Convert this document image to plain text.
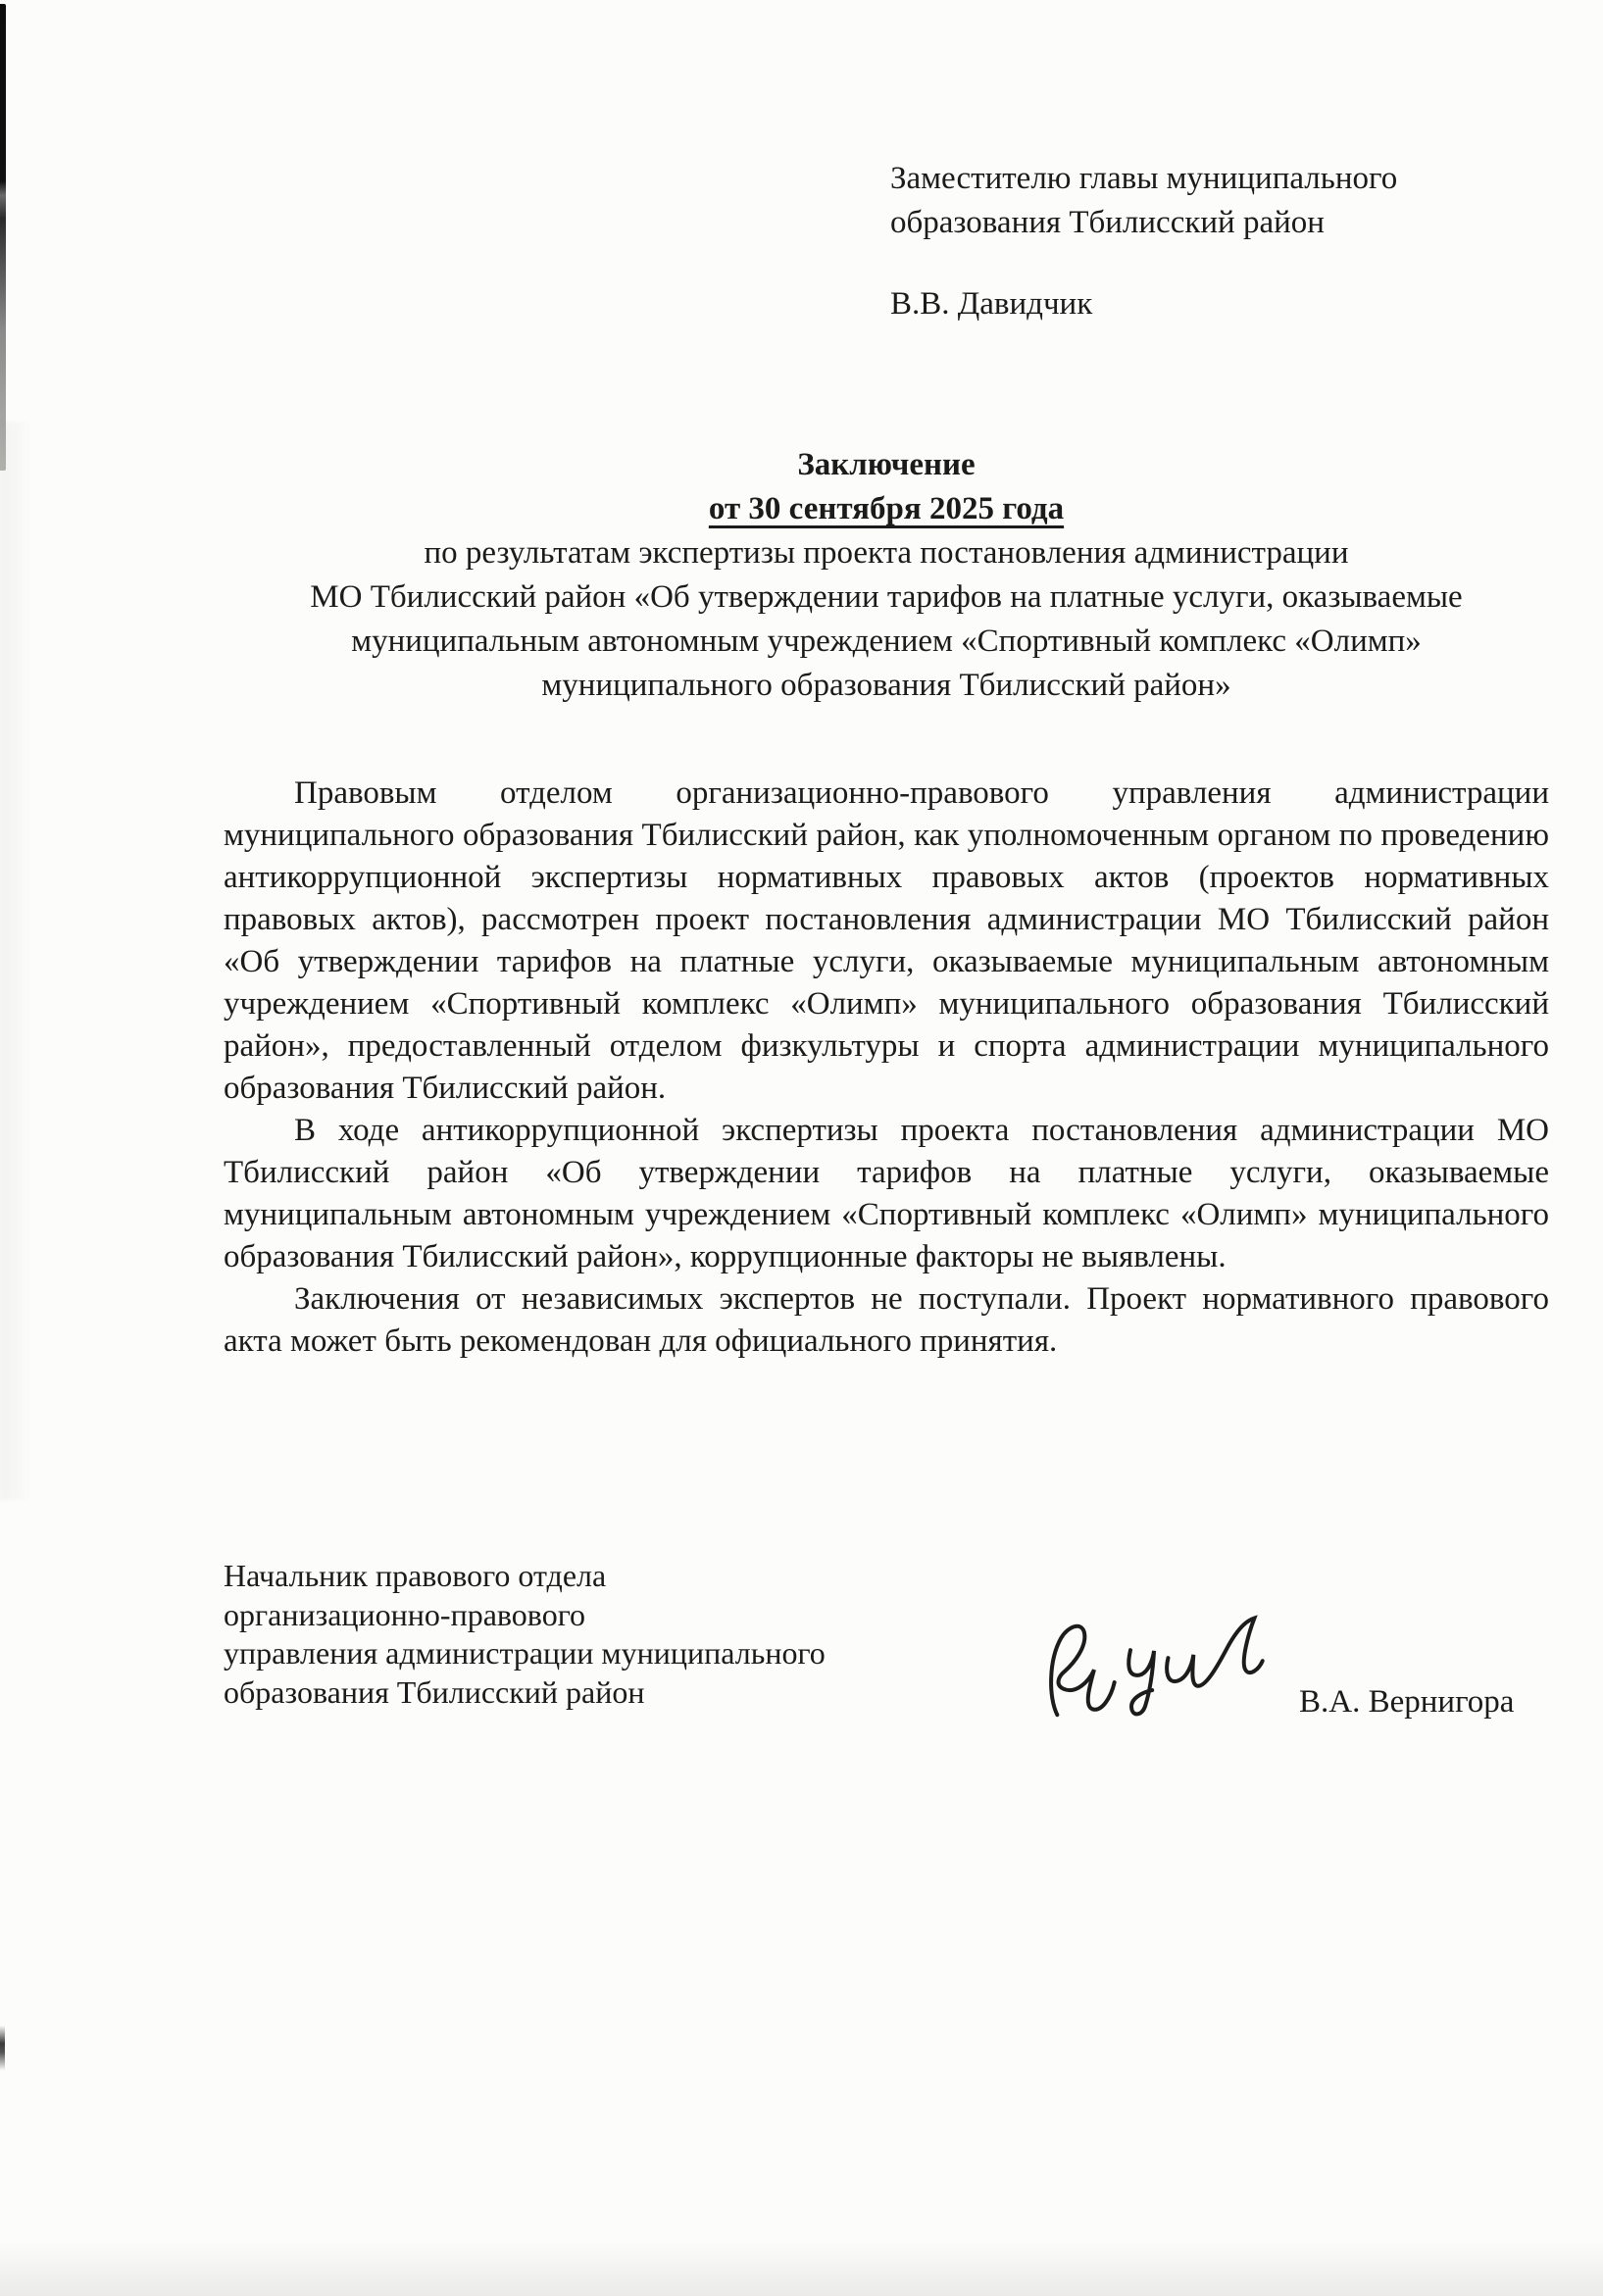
Заместителю главы муниципального
образования Тбилисский район
В.В. Давидчик
Заключение
от 30 сентября 2025 года
по результатам экспертизы проекта постановления администрации
МО Тбилисский район «Об утверждении тарифов на платные услуги, оказываемые
муниципальным автономным учреждением «Спортивный комплекс «Олимп»
муниципального образования Тбилисский район»

Правовым отделом организационно-правового управления администрации муниципального образования Тбилисский район, как уполномоченным органом по проведению антикоррупционной экспертизы нормативных правовых актов (проектов нормативных правовых актов), рассмотрен проект постановления администрации МО Тбилисский район «Об утверждении тарифов на платные услуги, оказываемые муниципальным автономным учреждением «Спортивный комплекс «Олимп» муниципального образования Тбилисский район», предоставленный отделом физкультуры и спорта администрации муниципального образования Тбилисский район.

В ходе антикоррупционной экспертизы проекта постановления администрации МО Тбилисский район «Об утверждении тарифов на платные услуги, оказываемые муниципальным автономным учреждением «Спортивный комплекс «Олимп» муниципального образования Тбилисский район», коррупционные факторы не выявлены.

Заключения от независимых экспертов не поступали. Проект нормативного правового акта может быть рекомендован для официального принятия.

Начальник правового отдела
организационно-правового
управления администрации муниципального
образования Тбилисский район	В.А. Вернигора
